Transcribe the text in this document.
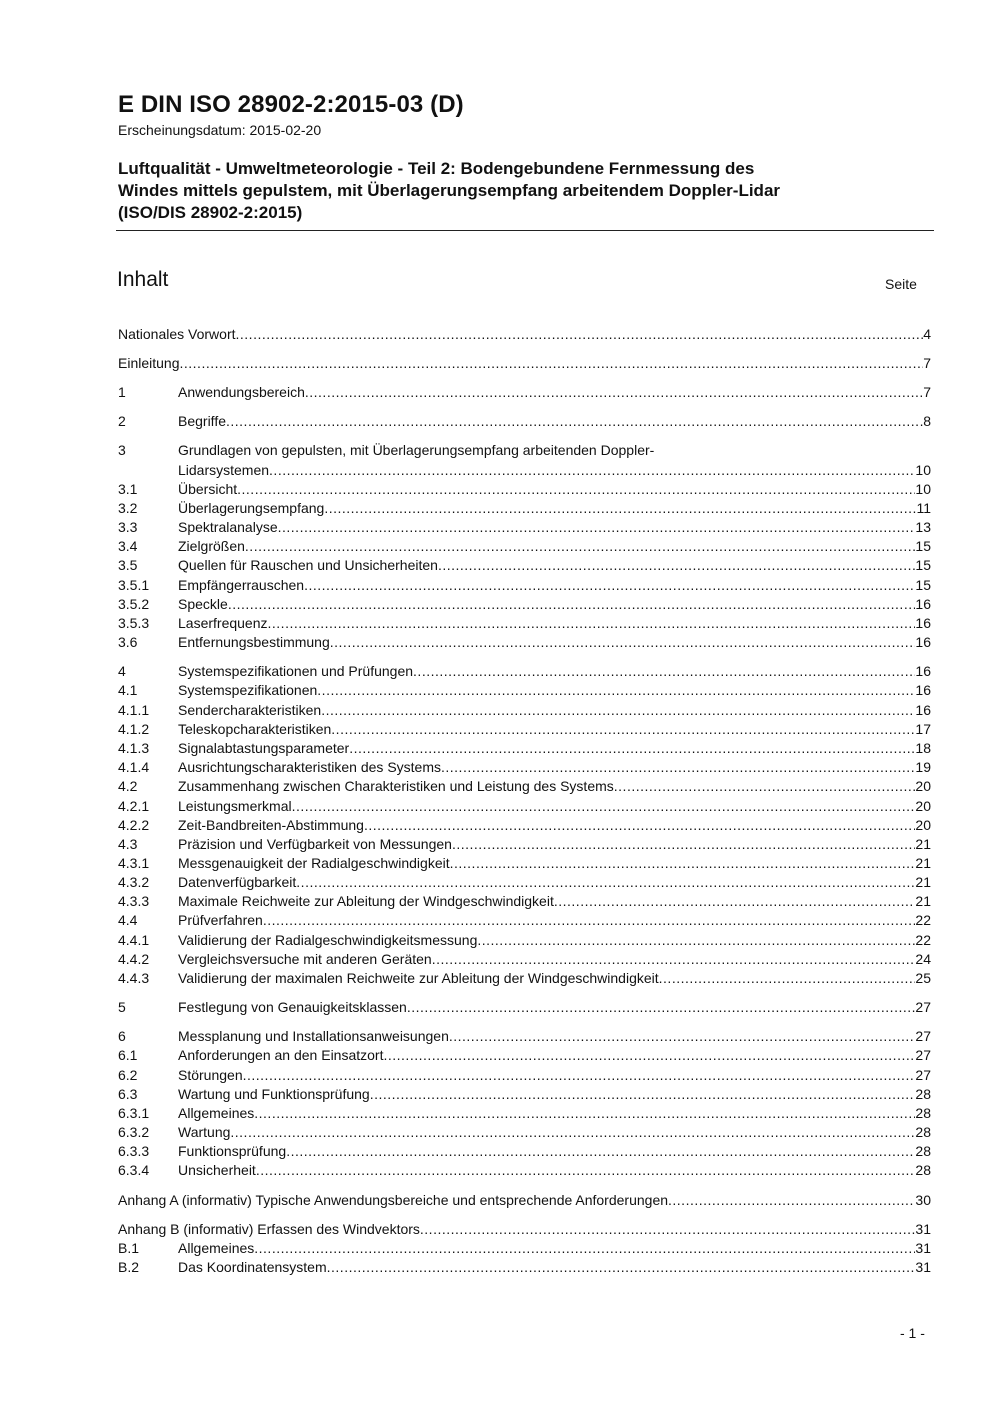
E DIN ISO 28902-2:2015-03 (D)
Erscheinungsdatum: 2015-02-20
Luftqualität - Umweltmeteorologie - Teil 2: Bodengebundene Fernmessung des
Windes mittels gepulstem, mit Überlagerungsempfang arbeitendem Doppler-Lidar
(ISO/DIS 28902-2:2015)
Inhalt	Seite
Nationales Vorwort .....	4
Einleitung .....	7
1	Anwendungsbereich .....	7
2	Begriffe .....	8
3	Grundlagen von gepulsten, mit Überlagerungsempfang arbeitenden Doppler-
Lidarsystemen .....	10
3.1	Übersicht .....	10
3.2	Überlagerungsempfang .....	11
3.3	Spektralanalyse .....	13
3.4	Zielgrößen .....	15
3.5	Quellen für Rauschen und Unsicherheiten .....	15
3.5.1	Empfängerrauschen .....	15
3.5.2	Speckle .....	16
3.5.3	Laserfrequenz .....	16
3.6	Entfernungsbestimmung .....	16
4	Systemspezifikationen und Prüfungen .....	16
4.1	Systemspezifikationen .....	16
4.1.1	Sendercharakteristiken .....	16
4.1.2	Teleskopcharakteristiken .....	17
4.1.3	Signalabtastungsparameter .....	18
4.1.4	Ausrichtungscharakteristiken des Systems .....	19
4.2	Zusammenhang zwischen Charakteristiken und Leistung des Systems .....	20
4.2.1	Leistungsmerkmal .....	20
4.2.2	Zeit-Bandbreiten-Abstimmung .....	20
4.3	Präzision und Verfügbarkeit von Messungen .....	21
4.3.1	Messgenauigkeit der Radialgeschwindigkeit .....	21
4.3.2	Datenverfügbarkeit .....	21
4.3.3	Maximale Reichweite zur Ableitung der Windgeschwindigkeit .....	21
4.4	Prüfverfahren .....	22
4.4.1	Validierung der Radialgeschwindigkeitsmessung .....	22
4.4.2	Vergleichsversuche mit anderen Geräten .....	24
4.4.3	Validierung der maximalen Reichweite zur Ableitung der Windgeschwindigkeit .....	25
5	Festlegung von Genauigkeitsklassen .....	27
6	Messplanung und Installationsanweisungen .....	27
6.1	Anforderungen an den Einsatzort .....	27
6.2	Störungen .....	27
6.3	Wartung und Funktionsprüfung .....	28
6.3.1	Allgemeines .....	28
6.3.2	Wartung .....	28
6.3.3	Funktionsprüfung .....	28
6.3.4	Unsicherheit .....	28
Anhang A (informativ) Typische Anwendungsbereiche und entsprechende Anforderungen .....	30
Anhang B (informativ) Erfassen des Windvektors .....	31
B.1	Allgemeines .....	31
B.2	Das Koordinatensystem .....	31
- 1 -
